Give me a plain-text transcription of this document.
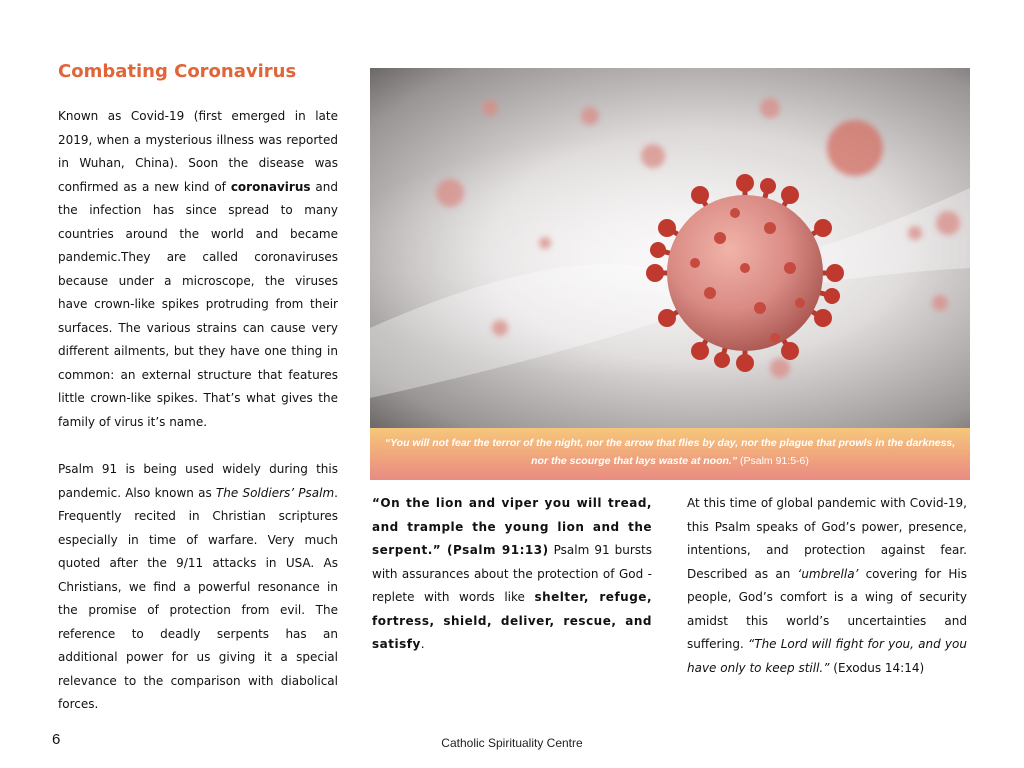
Combating Coronavirus

Known as Covid-19 (first emerged in late 2019, when a mysterious illness was reported in Wuhan, China). Soon the disease was confirmed as a new kind of coronavirus and the infection has since spread to many countries around the world and became pandemic.They are called coronaviruses because under a microscope, the viruses have crown-like spikes protruding from their surfaces. The various strains can cause very different ailments, but they have one thing in common: an external structure that features little crown-like spikes. That’s what gives the family of virus it’s name.

Psalm 91 is being used widely during this pandemic. Also known as The Soldiers’ Psalm. Frequently recited in Christian scriptures especially in time of warfare. Very much quoted after the 9/11 attacks in USA. As Christians, we find a powerful resonance in the promise of protection from evil. The reference to deadly serpents has an additional power for us giving it a special relevance to the comparison with diabolical forces.

“You will not fear the terror of the night, nor the arrow that flies by day, nor the plague that prowls in the darkness,
nor the scourge that lays waste at noon.” (Psalm 91:5-6)

“On the lion and viper you will tread, and trample the young lion and the serpent.” (Psalm 91:13) Psalm 91 bursts with assurances about the protection of God - replete with words like shelter, refuge, fortress, shield, deliver, rescue, and satisfy.

At this time of global pandemic with Covid-19, this Psalm speaks of God’s power, presence, intentions, and protection against fear. Described as an ‘umbrella’ covering for His people, God’s comfort is a wing of security amidst this world’s uncertainties and suffering. “The Lord will fight for you, and you have only to keep still.” (Exodus 14:14)

6	Catholic Spirituality Centre
